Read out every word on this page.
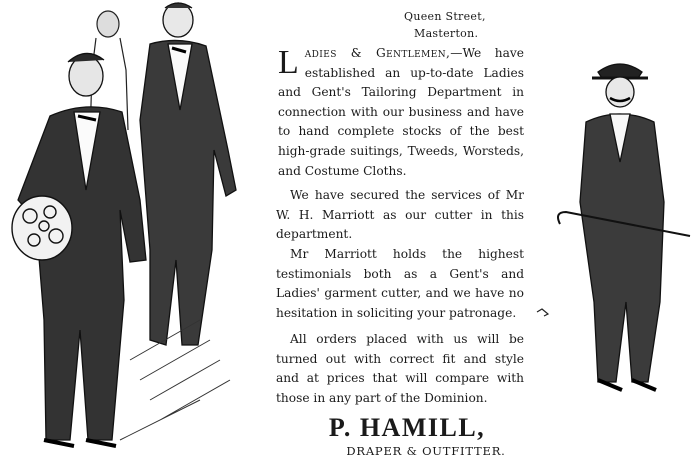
Queen Street,
Masterton.
L adies & Gentlemen,—We have established an up-to-date Ladies and Gent's Tailoring Department in connection with our business and have to hand complete stocks of the best high-grade suitings, Tweeds, Worsteds, and Costume Cloths.

We have secured the services of Mr W. H. Marriott as our cutter in this department.

Mr Marriott holds the highest testimonials both as a Gent's and Ladies' garment cutter, and we have no hesitation in soliciting your patronage.

All orders placed with us will be turned out with correct fit and style and at prices that will compare with those in any part of the Dominion.

P. HAMILL,
DRAPER & OUTFITTER.
